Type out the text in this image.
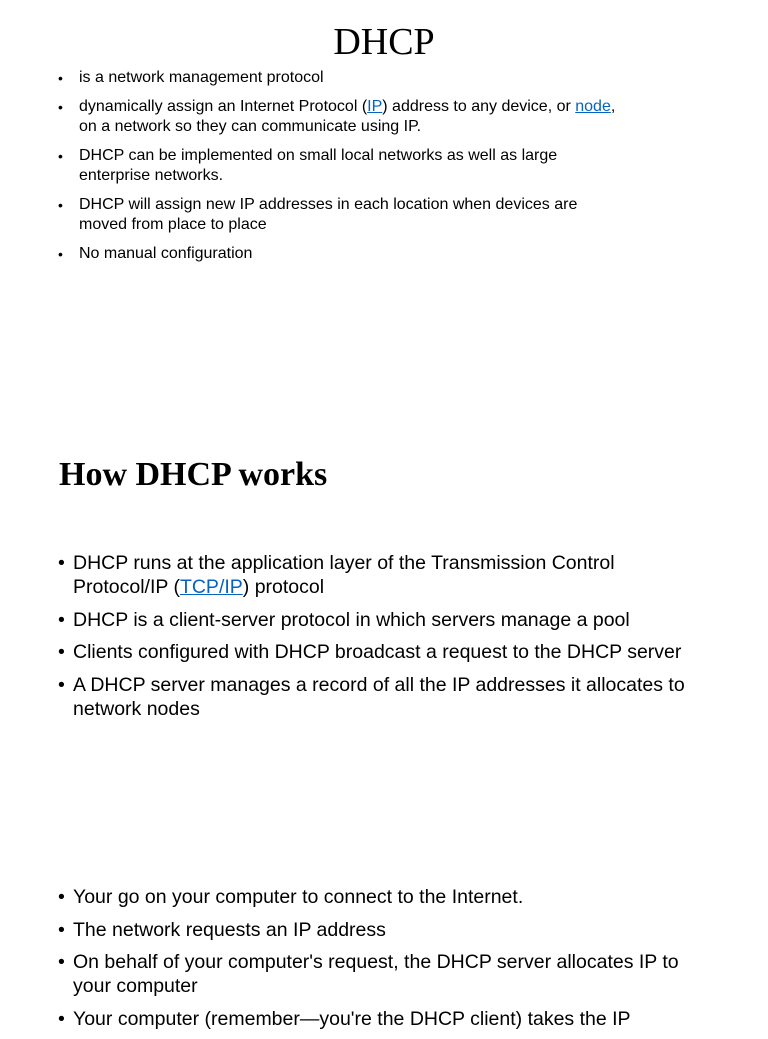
DHCP
• is a network management protocol
• dynamically assign an Internet Protocol (IP) address to any device, or node,
on a network so they can communicate using IP.
• DHCP can be implemented on small local networks as well as large
enterprise networks.
• DHCP will assign new IP addresses in each location when devices are
moved from place to place
• No manual configuration
How DHCP works
• DHCP runs at the application layer of the Transmission Control
Protocol/IP (TCP/IP) protocol
• DHCP is a client-server protocol in which servers manage a pool
• Clients configured with DHCP broadcast a request to the DHCP server
• A DHCP server manages a record of all the IP addresses it allocates to
network nodes
• Your go on your computer to connect to the Internet.
• The network requests an IP address
• On behalf of your computer's request, the DHCP server allocates IP to
your computer
• Your computer (remember—you're the DHCP client) takes the IP
